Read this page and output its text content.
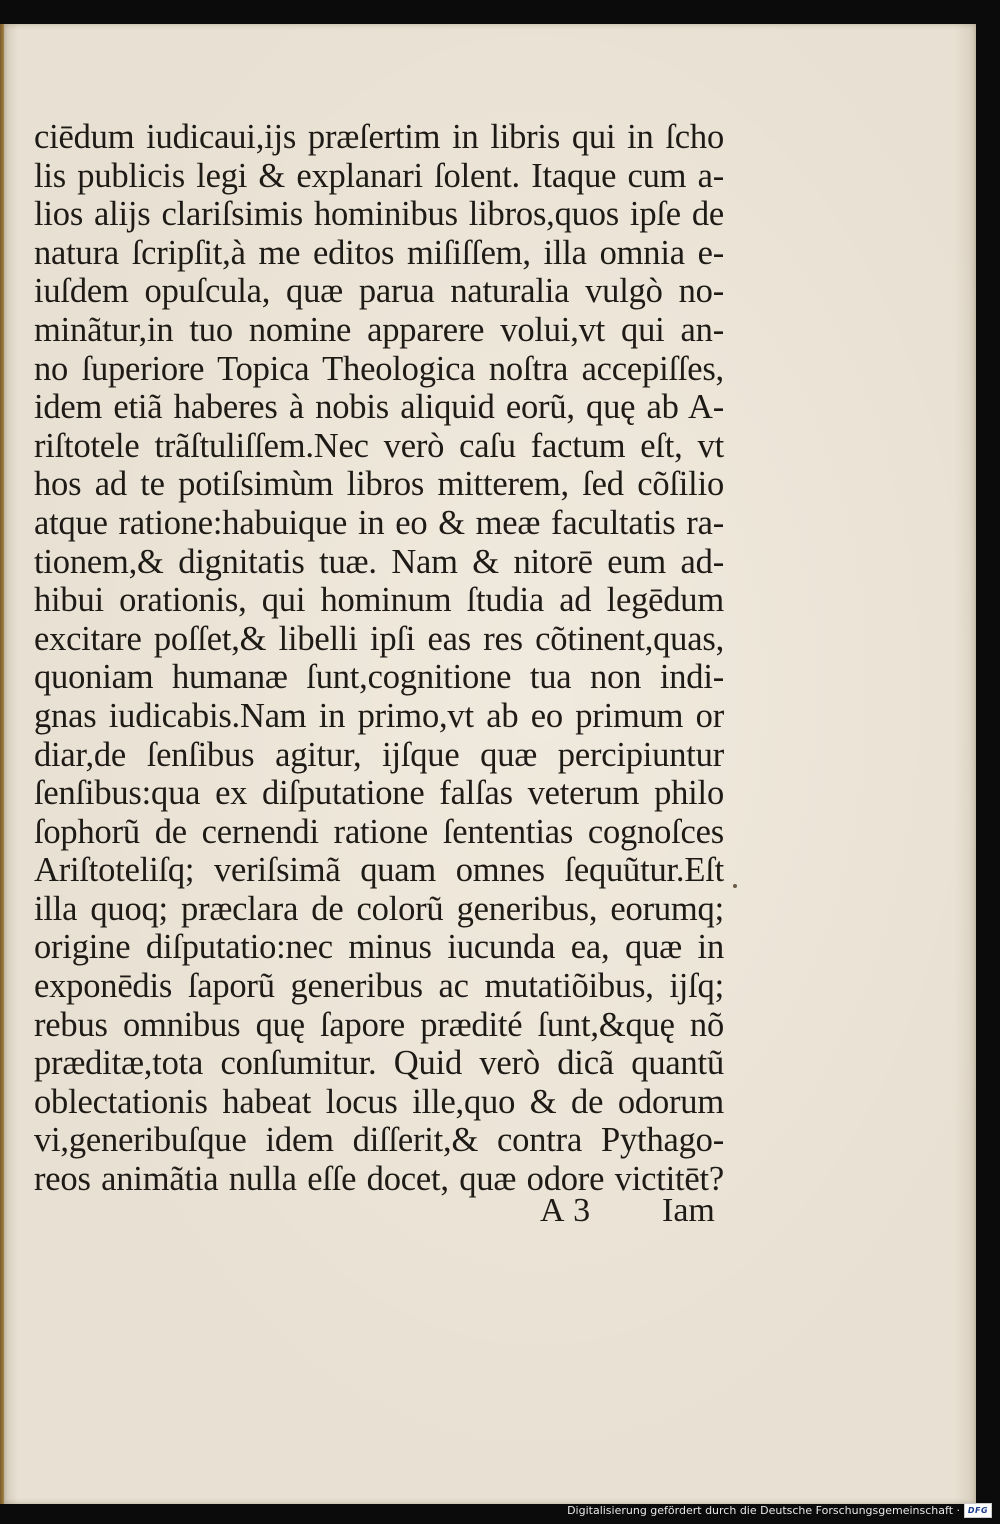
ciēdum iudicaui,ijs præſertim in libris qui in ſcho
lis publicis legi & explanari ſolent. Itaque cum a-
lios alijs clariſsimis hominibus libros,quos ipſe de
natura ſcripſit,à me editos miſiſſem, illa omnia e-
iuſdem opuſcula, quæ parua naturalia vulgò no-
minãtur,in tuo nomine apparere volui,vt qui an-
no ſuperiore Topica Theologica noſtra accepiſſes,
idem etiã haberes à nobis aliquid eorũ, quę ab A-
riſtotele trãſtuliſſem.Nec verò caſu factum eſt, vt
hos ad te potiſsimùm libros mitterem, ſed cõſilio
atque ratione:habuique in eo & meæ facultatis ra-
tionem,& dignitatis tuæ. Nam & nitorē eum ad-
hibui orationis, qui hominum ſtudia ad legēdum
excitare poſſet,& libelli ipſi eas res cõtinent,quas,
quoniam humanæ ſunt,cognitione tua non indi-
gnas iudicabis.Nam in primo,vt ab eo primum or
diar,de ſenſibus agitur, ijſque quæ percipiuntur
ſenſibus:qua ex diſputatione falſas veterum philo
ſophorũ de cernendi ratione ſententias cognoſces
Ariſtoteliſq; veriſsimã quam omnes ſequũtur.Eſt
illa quoq; præclara de colorũ generibus, eorumq;
origine diſputatio:nec minus iucunda ea, quæ in
exponēdis ſaporũ generibus ac mutatiõibus, ijſq;
rebus omnibus quę ſapore prædité ſunt,&quę nõ
præditæ,tota conſumitur. Quid verò dicã quantũ
oblectationis habeat locus ille,quo & de odorum
vi,generibuſque idem diſſerit,& contra Pythago-
reos animãtia nulla eſſe docet, quæ odore victitēt?
A 3 Iam
Digitalisierung gefördert durch die Deutsche Forschungsgemeinschaft · DFG
